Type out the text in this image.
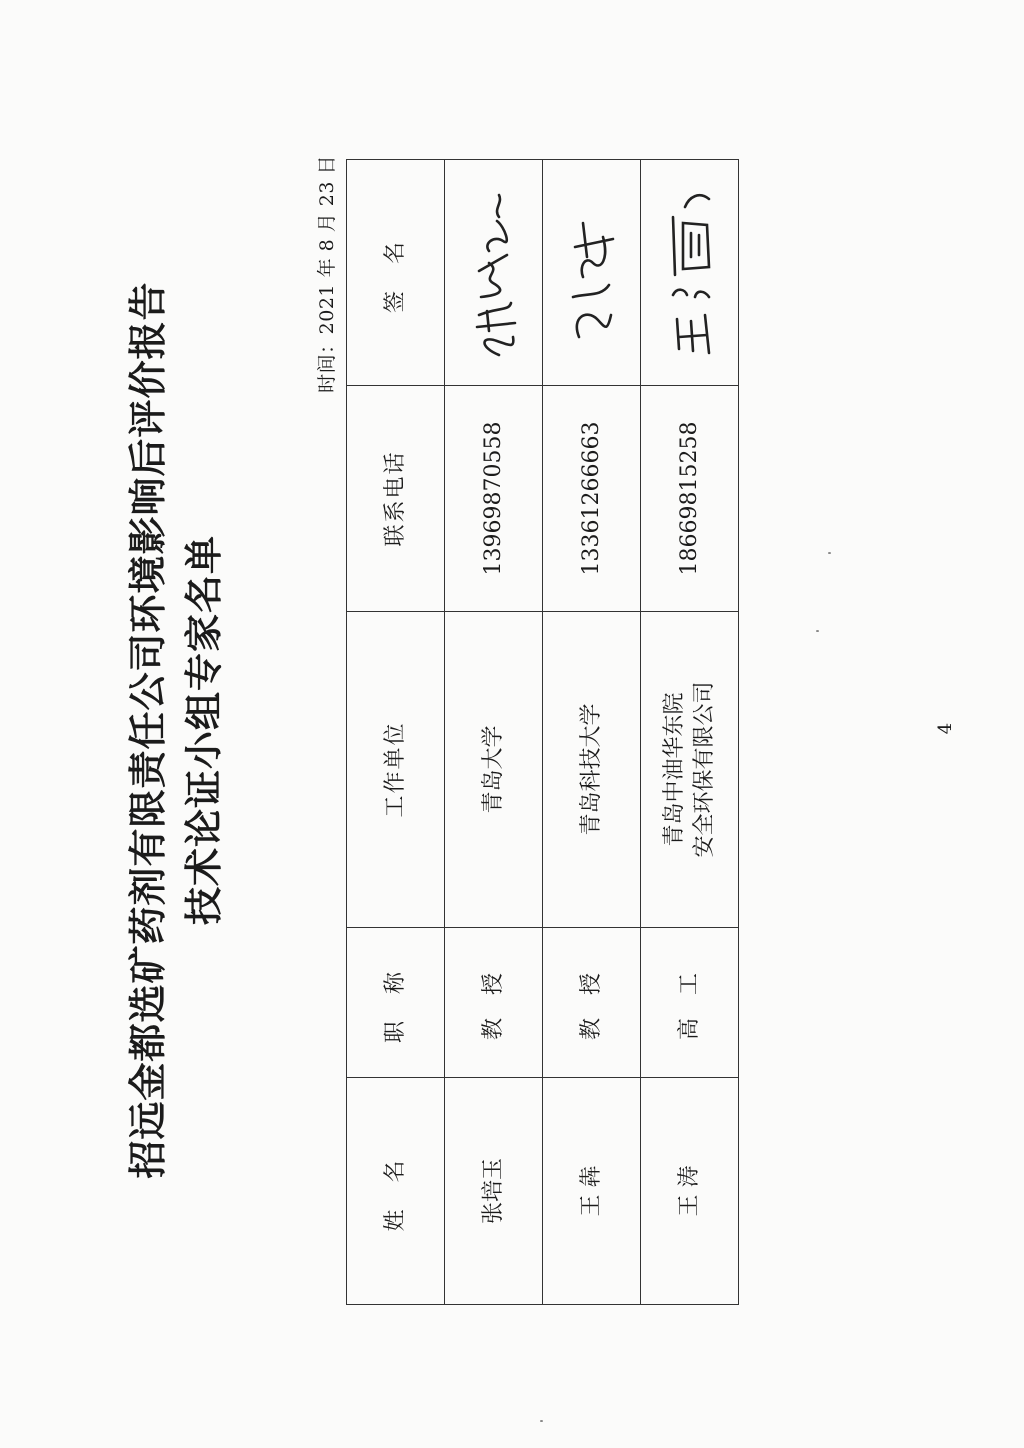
招远金都选矿药剂有限责任公司环境影响后评价报告 技术论证小组专家名单
时间：2021 年 8 月 23 日
姓 名	职 称	工作单位	联系电话	签 名
张培玉	教 授	青岛大学	13969870558	

王 犇	教 授	青岛科技大学	13361266663	

王 涛	高 工	青岛中油华东院 安全环保有限公司	18669815258	
4
